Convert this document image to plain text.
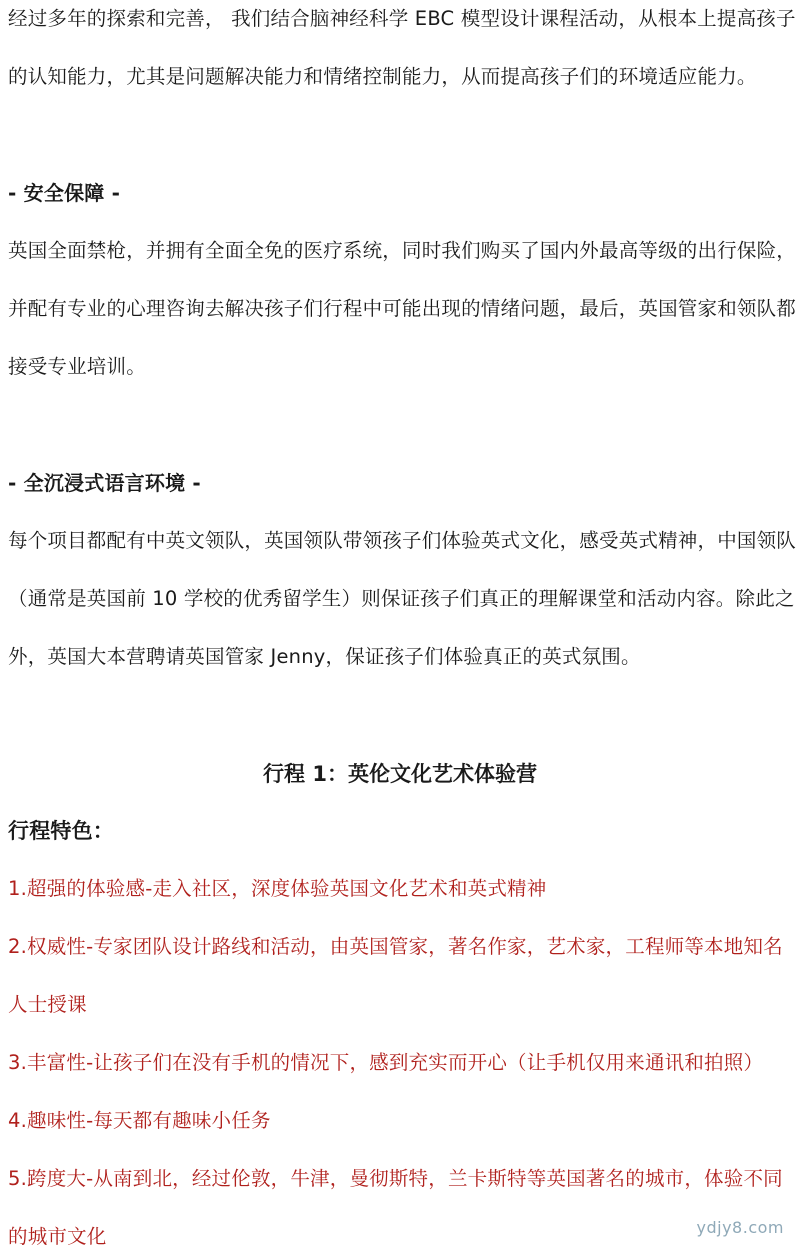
经过多年的探索和完善， 我们结合脑神经科学 EBC 模型设计课程活动，从根本上提高孩子
的认知能力，尤其是问题解决能力和情绪控制能力，从而提高孩子们的环境适应能力。
- 安全保障 -
英国全面禁枪，并拥有全面全免的医疗系统，同时我们购买了国内外最高等级的出行保险，
并配有专业的心理咨询去解决孩子们行程中可能出现的情绪问题，最后，英国管家和领队都
接受专业培训。
- 全沉浸式语言环境 -
每个项目都配有中英文领队，英国领队带领孩子们体验英式文化，感受英式精神，中国领队
（通常是英国前 10 学校的优秀留学生）则保证孩子们真正的理解课堂和活动内容。除此之
外，英国大本营聘请英国管家 Jenny，保证孩子们体验真正的英式氛围。
行程 1：英伦文化艺术体验营
行程特色：
1.超强的体验感-走入社区，深度体验英国文化艺术和英式精神
2.权威性-专家团队设计路线和活动，由英国管家，著名作家，艺术家，工程师等本地知名
人士授课
3.丰富性-让孩子们在没有手机的情况下，感到充实而开心（让手机仅用来通讯和拍照）
4.趣味性-每天都有趣味小任务
5.跨度大-从南到北，经过伦敦，牛津，曼彻斯特，兰卡斯特等英国著名的城市，体验不同
的城市文化	ydjy8.com
